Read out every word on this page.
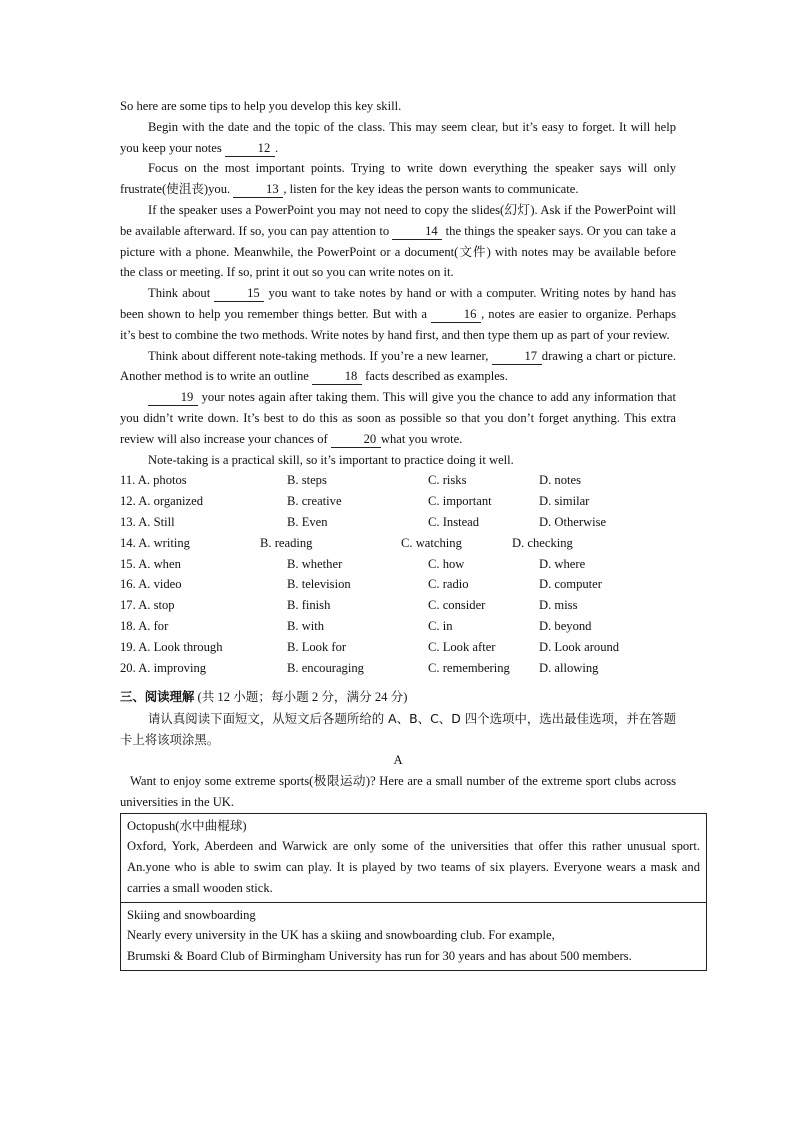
So here are some tips to help you develop this key skill.

Begin with the date and the topic of the class. This may seem clear, but it’s easy to forget. It will help you keep your notes	12 .

Focus on the most important points. Trying to write down everything the speaker says will only frustrate(使沮丧)you.	13 , listen for the key ideas the person wants to communicate.

If the speaker uses a PowerPoint you may not need to copy the slides(幻灯). Ask if the PowerPoint will be available afterward. If so, you can pay attention to	14 the things the speaker says. Or you can take a picture with a phone. Meanwhile, the PowerPoint or a document(文件) with notes may be available before the class or meeting. If so, print it out so you can write notes on it.

Think about	15 you want to take notes by hand or with a computer. Writing notes by hand has been shown to help you remember things better. But with a	16 , notes are easier to organize. Perhaps it’s best to combine the two methods. Write notes by hand first, and then type them up as part of your review.

Think about different note-taking methods. If you’re a new learner,	17 drawing a chart or picture. Another method is to write an outline	18 facts described as examples.

19 your notes again after taking them. This will give you the chance to add any information that you didn’t write down. It’s best to do this as soon as possible so that you don’t forget anything. This extra review will also increase your chances of	20 what you wrote.

Note-taking is a practical skill, so it’s important to practice doing it well.

11. A. photos	B. steps	C. risks	D. notes
12. A. organized	B. creative	C. important	D. similar
13. A. Still	B. Even	C. Instead	D. Otherwise
14. A. writing	B. reading	C. watching	D. checking
15. A. when	B. whether	C. how	D. where
16. A. video	B. television	C. radio	D. computer
17. A. stop	B. finish	C. consider	D. miss
18. A. for	B. with	C. in	D. beyond
19. A. Look through	B. Look for	C. Look after	D. Look around
20. A. improving	B. encouraging	C. remembering	D. allowing

三、阅读理解 (共 12 小题；每小题 2 分，满分 24 分)

请认真阅读下面短文，从短文后各题所给的 A、B、C、D 四个选项中，选出最佳选项，并在答题卡上将该项涂黑。

A

Want to enjoy some extreme sports(极限运动)? Here are a small number of the extreme sport clubs across universities in the UK.

Octopush(水中曲棍球)
Oxford, York, Aberdeen and Warwick are only some of the universities that offer this rather unusual sport. An.yone who is able to swim can play. It is played by two teams of six players. Everyone wears a mask and carries a small wooden stick.

Skiing and snowboarding
Nearly every university in the UK has a skiing and snowboarding club. For example,
Brumski & Board Club of Birmingham University has run for 30 years and has about 500 members.
